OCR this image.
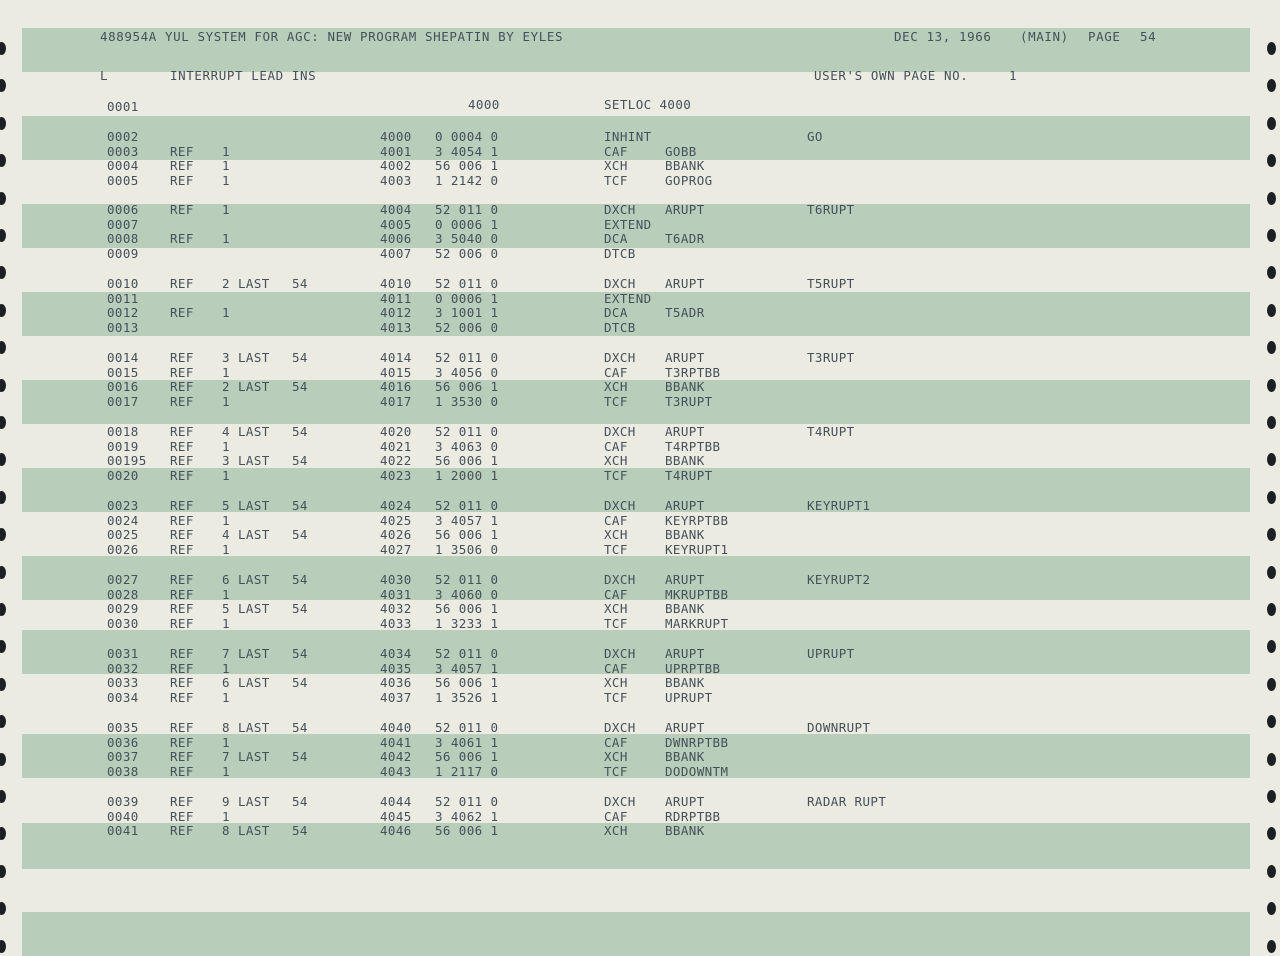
488954A YUL SYSTEM FOR AGC: NEW PROGRAM SHEPATIN BY EYLES	DEC 13, 1966 (MAIN) PAGE 54
L	INTERRUPT LEAD INS	USER'S OWN PAGE NO.	1
0001	4000	SETLOC 4000
0002	4000 0 0004 0	INHINT	GO
0003	REF 1	4001 3 4054 1	CAF	GOBB
0004	REF 1	4002 56 006 1	XCH	BBANK
0005	REF 1	4003 1 2142 0	TCF	GOPROG
0006	REF 1	4004 52 011 0	DXCH ARUPT	T6RUPT
0007	4005 0 0006 1	EXTEND
0008	REF 1	4006 3 5040 0	DCA	T6ADR
0009	4007 52 006 0	DTCB
0010	REF 2 LAST 54	4010 52 011 0	DXCH ARUPT	T5RUPT
0011	4011 0 0006 1	EXTEND
0012	REF 1	4012 3 1001 1	DCA	T5ADR
0013	4013 52 006 0	DTCB
0014	REF 3 LAST 54	4014 52 011 0	DXCH ARUPT	T3RUPT
0015	REF 1	4015 3 4056 0	CAF	T3RPTBB
0016	REF 2 LAST 54	4016 56 006 1	XCH	BBANK
0017	REF 1	4017 1 3530 0	TCF	T3RUPT
0018	REF 4 LAST 54	4020 52 011 0	DXCH ARUPT	T4RUPT
0019	REF 1	4021 3 4063 0	CAF	T4RPTBB
00195 REF 3 LAST 54	4022 56 006 1	XCH	BBANK
0020	REF 1	4023 1 2000 1	TCF	T4RUPT
0023	REF 5 LAST 54	4024 52 011 0	DXCH ARUPT	KEYRUPT1
0024	REF 1	4025 3 4057 1	CAF	KEYRPTBB
0025	REF 4 LAST 54	4026 56 006 1	XCH	BBANK
0026	REF 1	4027 1 3506 0	TCF	KEYRUPT1
0027	REF 6 LAST 54	4030 52 011 0	DXCH ARUPT	KEYRUPT2
0028	REF 1	4031 3 4060 0	CAF	MKRUPTBB
0029	REF 5 LAST 54	4032 56 006 1	XCH	BBANK
0030	REF 1	4033 1 3233 1	TCF	MARKRUPT
0031	REF 7 LAST 54	4034 52 011 0	DXCH ARUPT	UPRUPT
0032	REF 1	4035 3 4057 1	CAF	UPRPTBB
0033	REF 6 LAST 54	4036 56 006 1	XCH	BBANK
0034	REF 1	4037 1 3526 1	TCF	UPRUPT
0035	REF 8 LAST 54	4040 52 011 0	DXCH ARUPT	DOWNRUPT
0036	REF 1	4041 3 4061 1	CAF	DWNRPTBB
0037	REF 7 LAST 54	4042 56 006 1	XCH	BBANK
0038	REF 1	4043 1 2117 0	TCF	DODOWNTM
0039	REF 9 LAST 54	4044 52 011 0	DXCH ARUPT	RADAR RUPT
0040	REF 1	4045 3 4062 1	CAF	RDRPTBB
0041	REF 8 LAST 54	4046 56 006 1	XCH	BBANK
